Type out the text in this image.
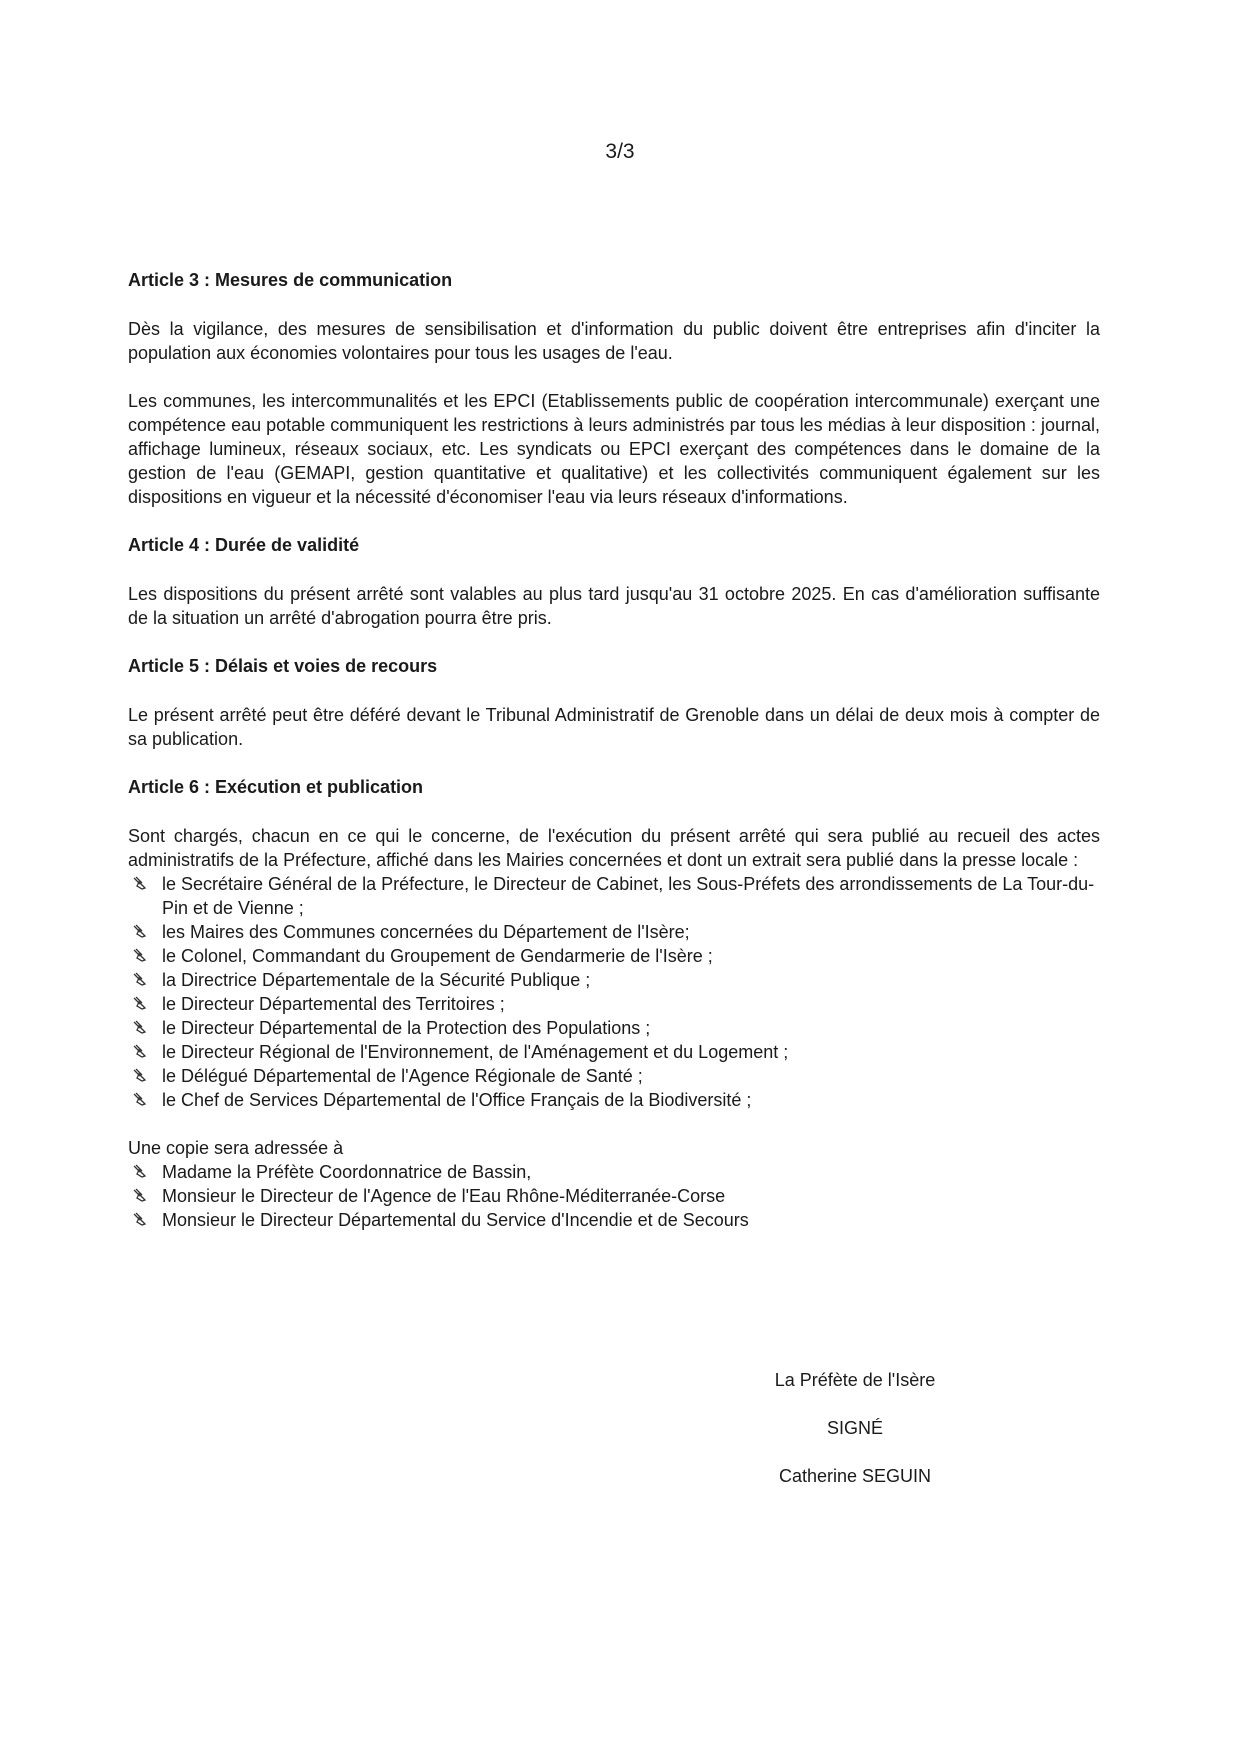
3/3
Article 3 : Mesures de communication

Dès la vigilance, des mesures de sensibilisation et d'information du public doivent être entreprises afin d'inciter la population aux économies volontaires pour tous les usages de l'eau.

Les communes, les intercommunalités et les EPCI (Etablissements public de coopération intercommunale) exerçant une compétence eau potable communiquent les restrictions à leurs administrés par tous les médias à leur disposition : journal, affichage lumineux, réseaux sociaux, etc. Les syndicats ou EPCI exerçant des compétences dans le domaine de la gestion de l'eau (GEMAPI, gestion quantitative et qualitative) et les collectivités communiquent également sur les dispositions en vigueur et la nécessité d'économiser l'eau via leurs réseaux d'informations.

Article 4 : Durée de validité

Les dispositions du présent arrêté sont valables au plus tard jusqu'au 31 octobre 2025. En cas d'amélioration suffisante de la situation un arrêté d'abrogation pourra être pris.

Article 5 : Délais et voies de recours

Le présent arrêté peut être déféré devant le Tribunal Administratif de Grenoble dans un délai de deux mois à compter de sa publication.

Article 6 : Exécution et publication

Sont chargés, chacun en ce qui le concerne, de l'exécution du présent arrêté qui sera publié au recueil des actes administratifs de la Préfecture, affiché dans les Mairies concernées et dont un extrait sera publié dans la presse locale :

le Secrétaire Général de la Préfecture, le Directeur de Cabinet, les Sous-Préfets des arrondissements de La Tour-du-Pin et de Vienne ;
les Maires des Communes concernées du Département de l'Isère;
le Colonel, Commandant du Groupement de Gendarmerie de l'Isère ;
la Directrice Départementale de la Sécurité Publique ;
le Directeur Départemental des Territoires ;
le Directeur Départemental de la Protection des Populations ;
le Directeur Régional de l'Environnement, de l'Aménagement et du Logement ;
le Délégué Départemental de l'Agence Régionale de Santé ;
le Chef de Services Départemental de l'Office Français de la Biodiversité ;

Une copie sera adressée à

Madame la Préfète Coordonnatrice de Bassin,
Monsieur le Directeur de l'Agence de l'Eau Rhône-Méditerranée-Corse
Monsieur le Directeur Départemental du Service d'Incendie et de Secours
La Préfète de l'Isère
SIGNÉ
Catherine SEGUIN
